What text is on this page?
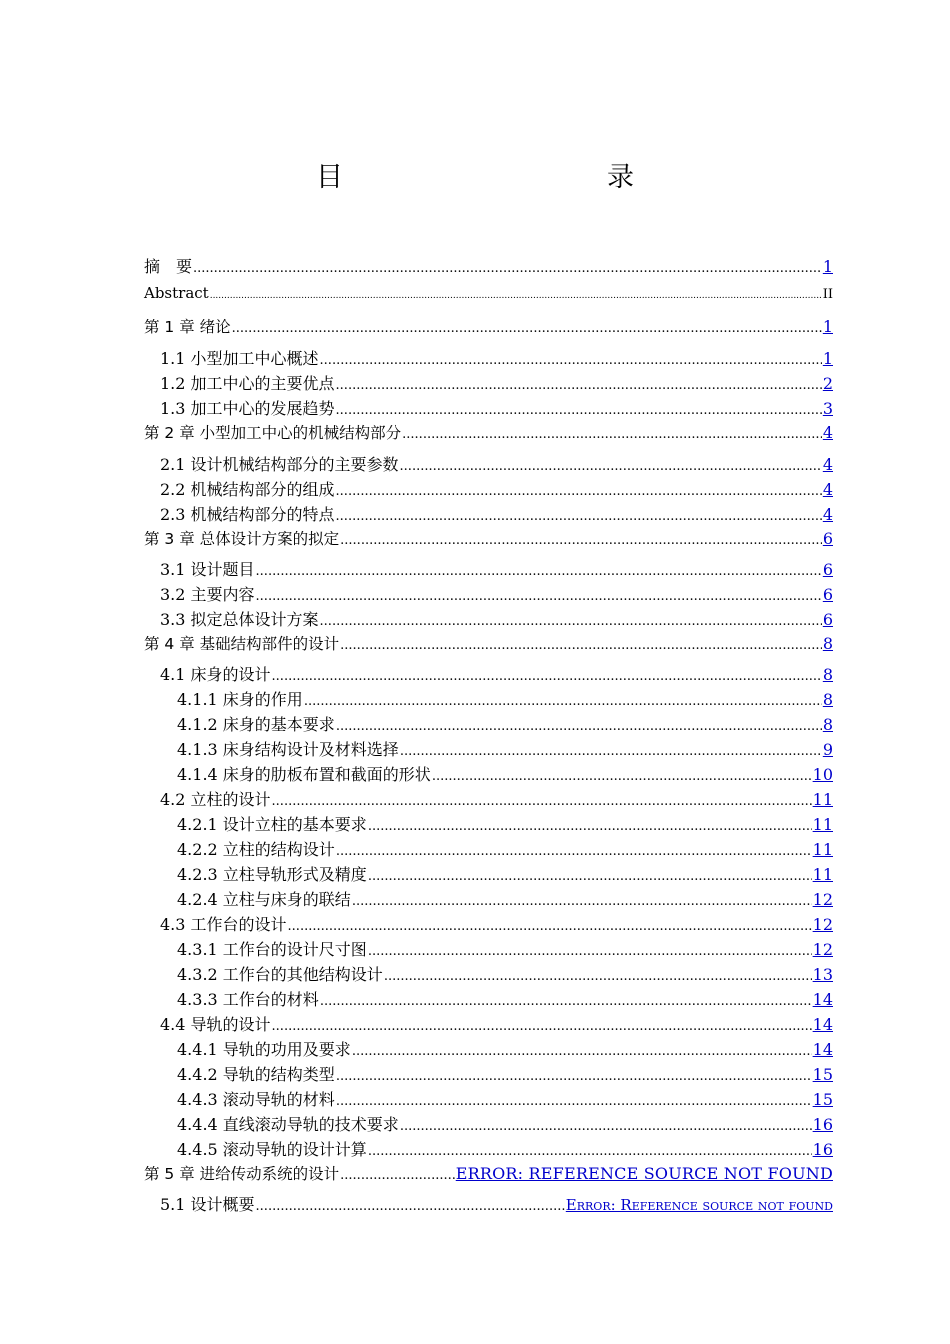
目　　录
摘　要 .....	1
Abstract .....	II
第 1 章 绪论 .....	1
1.1 小型加工中心概述 .....	1
1.2 加工中心的主要优点 .....	2
1.3 加工中心的发展趋势 .....	3
第 2 章 小型加工中心的机械结构部分 .....	4
2.1 设计机械结构部分的主要参数 .....	4
2.2 机械结构部分的组成 .....	4
2.3 机械结构部分的特点 .....	4
第 3 章 总体设计方案的拟定 .....	6
3.1 设计题目 .....	6
3.2 主要内容 .....	6
3.3 拟定总体设计方案 .....	6
第 4 章 基础结构部件的设计 .....	8
4.1 床身的设计 .....	8
4.1.1 床身的作用 .....	8
4.1.2 床身的基本要求 .....	8
4.1.3 床身结构设计及材料选择 .....	9
4.1.4 床身的肋板布置和截面的形状 .....	10
4.2 立柱的设计 .....	11
4.2.1 设计立柱的基本要求 .....	11
4.2.2 立柱的结构设计 .....	11
4.2.3 立柱导轨形式及精度 .....	11
4.2.4 立柱与床身的联结 .....	12
4.3 工作台的设计 .....	12
4.3.1 工作台的设计尺寸图 .....	12
4.3.2 工作台的其他结构设计 .....	13
4.3.3 工作台的材料 .....	14
4.4 导轨的设计 .....	14
4.4.1 导轨的功用及要求 .....	14
4.4.2 导轨的结构类型 .....	15
4.4.3 滚动导轨的材料 .....	15
4.4.4 直线滚动导轨的技术要求 .....	16
4.4.5 滚动导轨的设计计算 .....	16
第 5 章 进给传动系统的设计 .....	ERROR: REFERENCE SOURCE NOT FOUND
5.1 设计概要 .....	Error: Reference source not found
